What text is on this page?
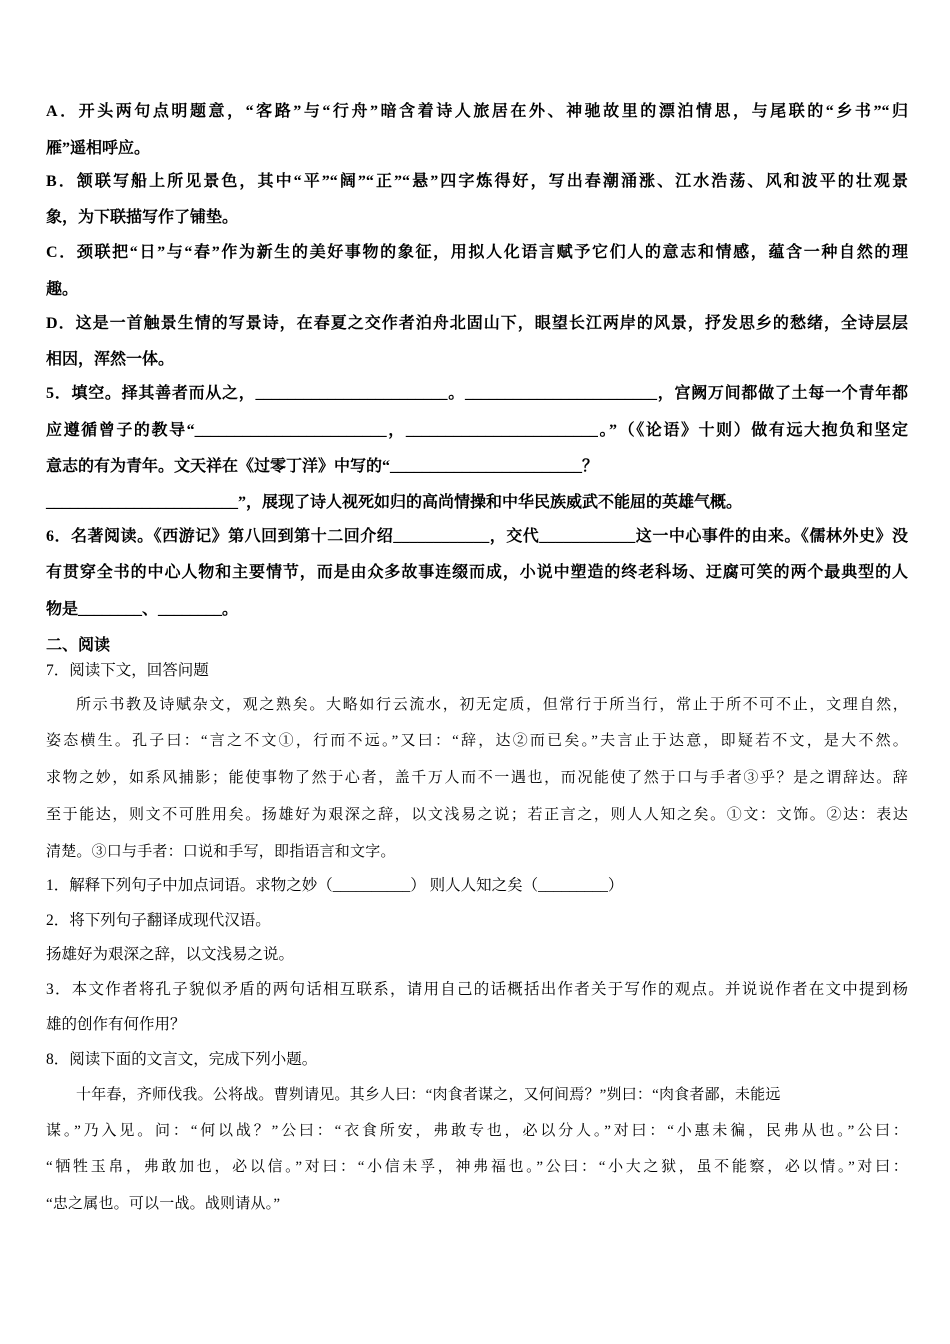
A．开头两句点明题意，“客路”与“行舟”暗含着诗人旅居在外、神驰故里的漂泊情思，与尾联的“乡书”“归
雁”遥相呼应。
B．颔联写船上所见景色，其中“平”“阔”“正”“悬”四字炼得好，写出春潮涌涨、江水浩荡、风和波平的壮观景
象，为下联描写作了铺垫。
C．颈联把“日”与“春”作为新生的美好事物的象征，用拟人化语言赋予它们人的意志和情感，蕴含一种自然的理
趣。
D．这是一首触景生情的写景诗，在春夏之交作者泊舟北固山下，眼望长江两岸的风景，抒发思乡的愁绪，全诗层层
相因，浑然一体。
5．填空。择其善者而从之，________________________。________________________，宫阙万间都做了土每一个青年都
应遵循曾子的教导“________________________，________________________。”（《论语》十则）做有远大抱负和坚定
意志的有为青年。文天祥在《过零丁洋》中写的“________________________？
________________________”，展现了诗人视死如归的高尚情操和中华民族威武不能屈的英雄气概。
6．名著阅读。《西游记》第八回到第十二回介绍____________，交代____________这一中心事件的由来。《儒林外史》没
有贯穿全书的中心人物和主要情节，而是由众多故事连缀而成，小说中塑造的终老科场、迂腐可笑的两个最典型的人
物是________、________。
二、阅读
7．阅读下文，回答问题
所示书教及诗赋杂文，观之熟矣。大略如行云流水，初无定质，但常行于所当行，常止于所不可不止，文理自然，
姿态横生。孔子曰：“言之不文①，行而不远。”又曰：“辞，达②而已矣。”夫言止于达意，即疑若不文，是大不然。
求物之妙，如系风捕影；能使事物了然于心者，盖千万人而不一遇也，而况能使了然于口与手者③乎？是之谓辞达。辞
至于能达，则文不可胜用矣。扬雄好为艰深之辞，以文浅易之说；若正言之，则人人知之矣。①文：文饰。②达：表达
清楚。③口与手者：口说和手写，即指语言和文字。
1．解释下列句子中加点词语。求物之妙（__________） 则人人知之矣（_________）
2．将下列句子翻译成现代汉语。
扬雄好为艰深之辞，以文浅易之说。
3．本文作者将孔子貌似矛盾的两句话相互联系，请用自己的话概括出作者关于写作的观点。并说说作者在文中提到杨
雄的创作有何作用？
8．阅读下面的文言文，完成下列小题。
十年春，齐师伐我。公将战。曹刿请见。其乡人曰：“肉食者谋之，又何间焉？”刿曰：“肉食者鄙，未能远
谋。”乃入见。问：“何以战？”公曰：“衣食所安，弗敢专也，必以分人。”对曰：“小惠未徧，民弗从也。”公曰：
“牺牲玉帛，弗敢加也，必以信。”对曰：“小信未孚，神弗福也。”公曰：“小大之狱，虽不能察，必以情。”对曰：
“忠之属也。可以一战。战则请从。”
